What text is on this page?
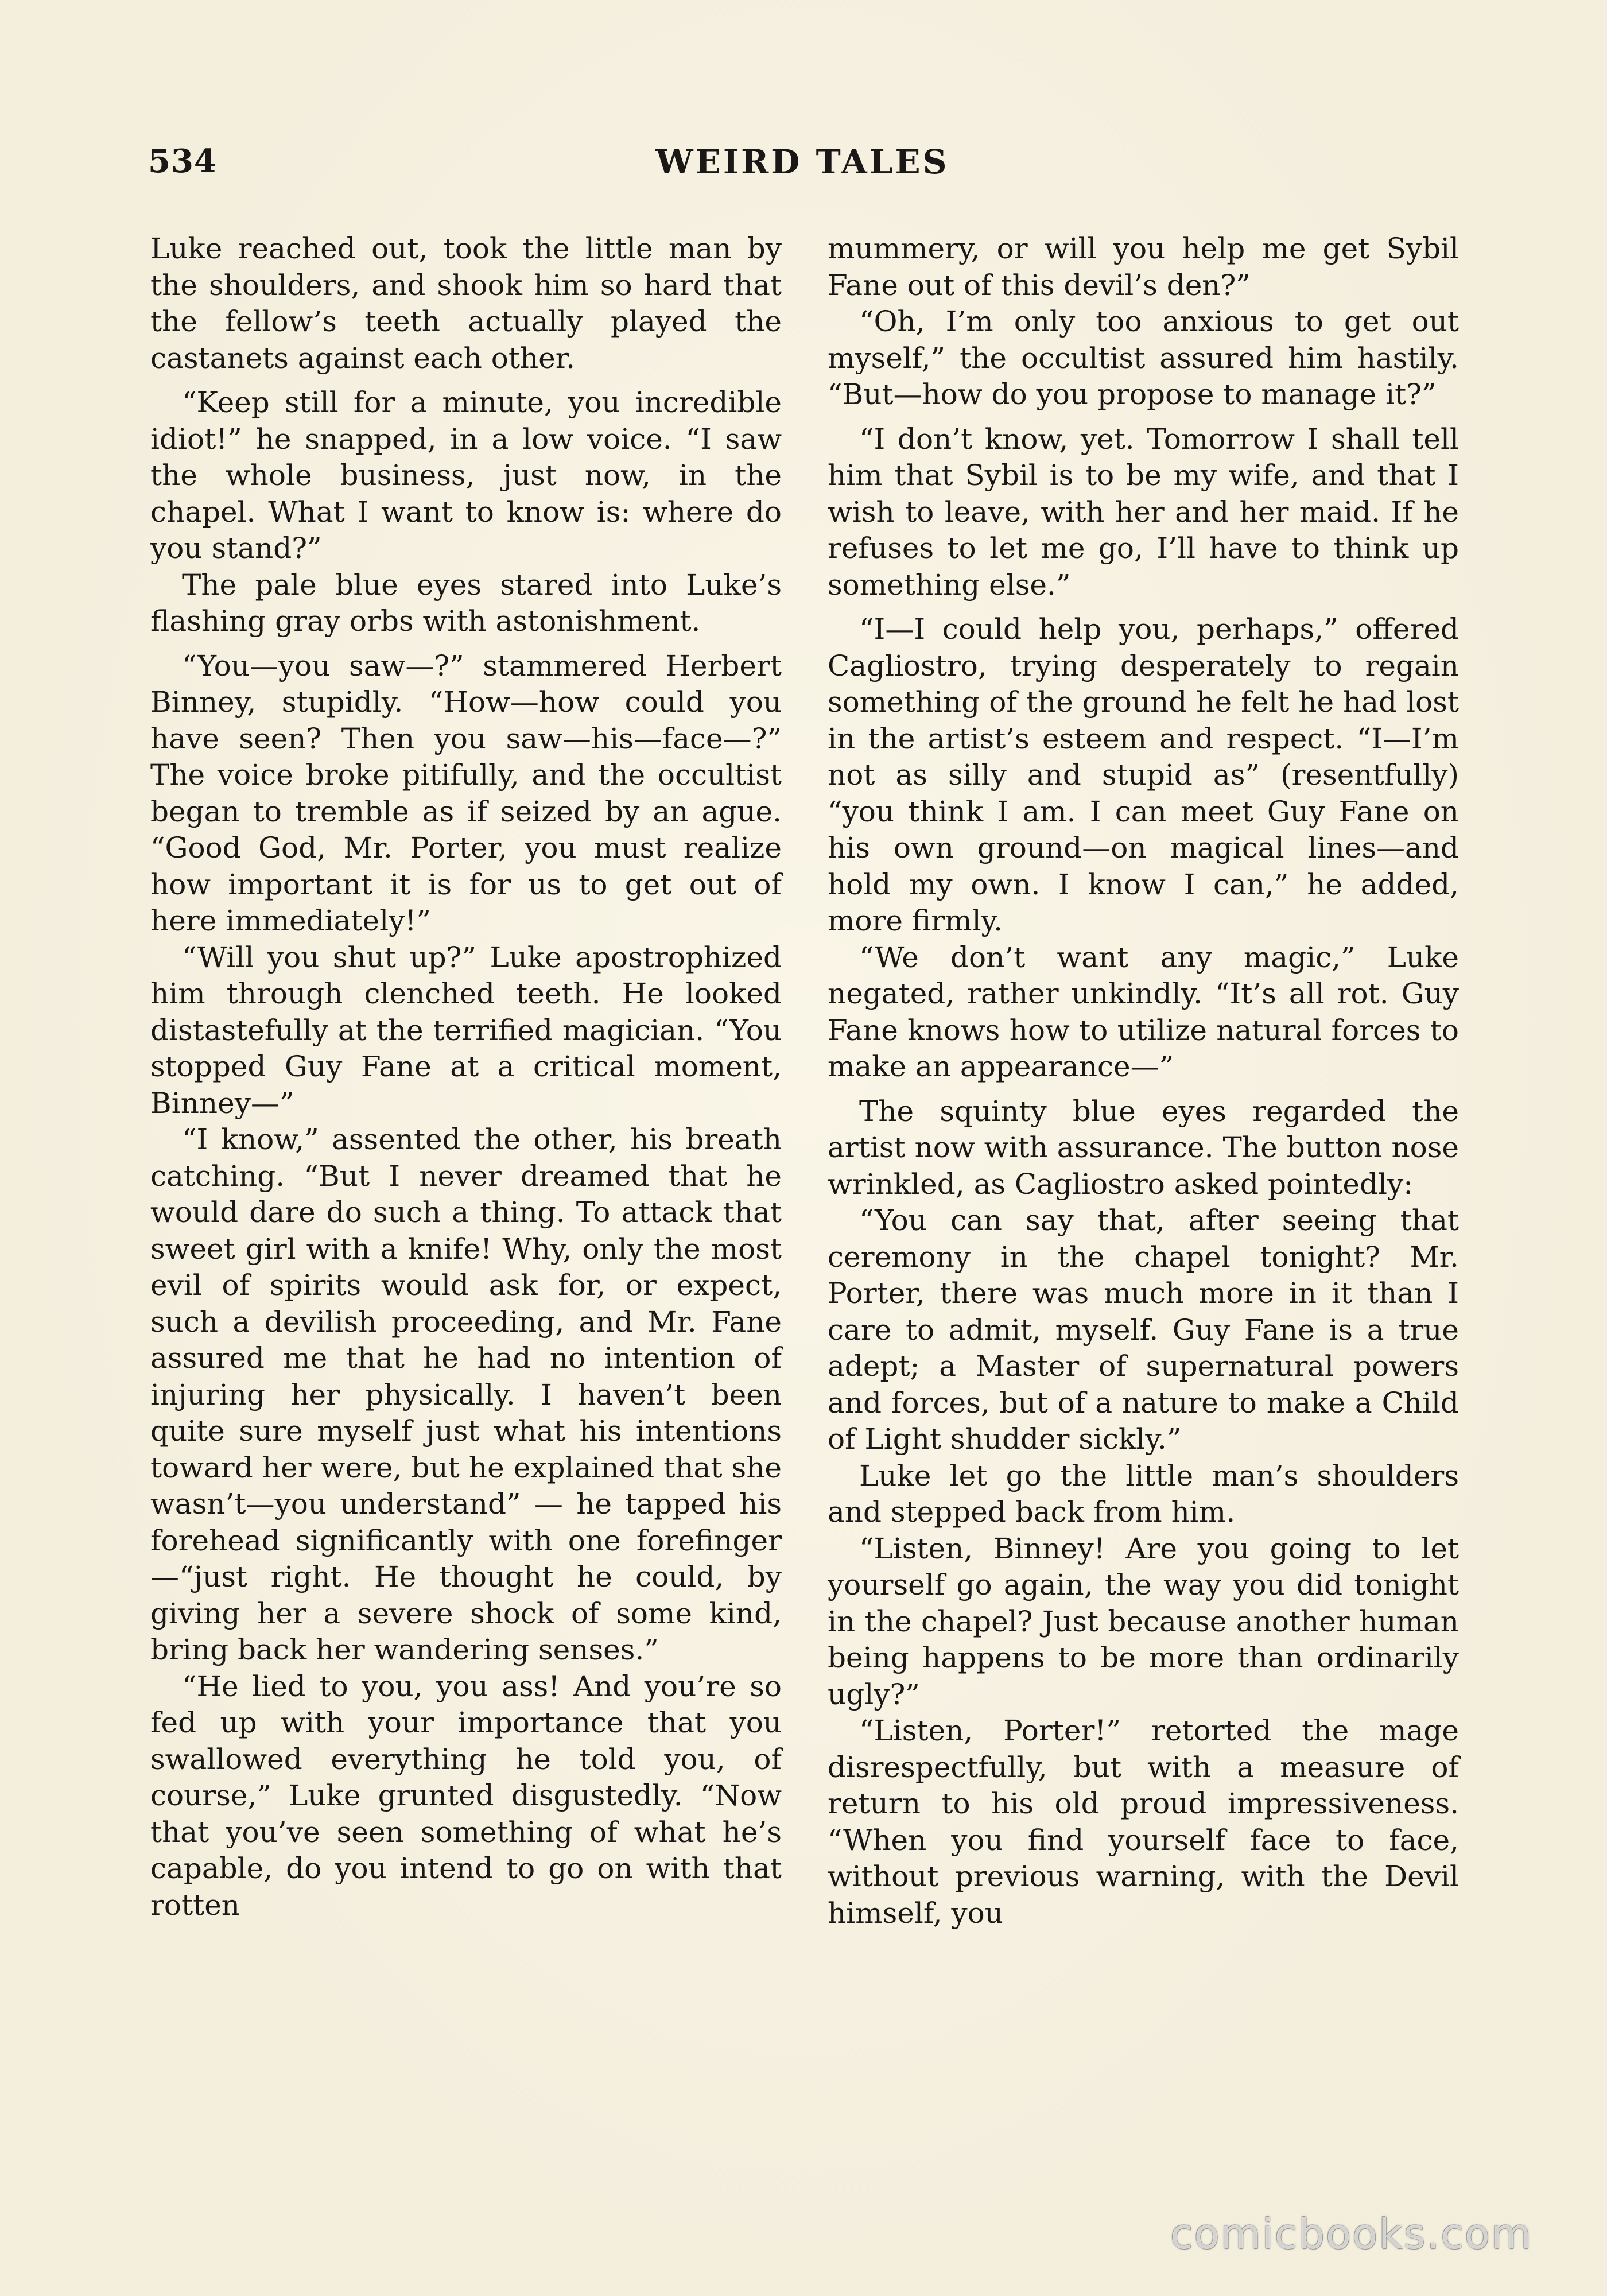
534	WEIRD TALES

Luke reached out, took the little man by the shoulders, and shook him so hard that the fellow’s teeth actually played the castanets against each other.

“Keep still for a minute, you incredible idiot!” he snapped, in a low voice. “I saw the whole business, just now, in the chapel. What I want to know is: where do you stand?”

The pale blue eyes stared into Luke’s flashing gray orbs with astonishment.

“You—you saw—?” stammered Herbert Binney, stupidly. “How—how could you have seen? Then you saw—his—face—?” The voice broke pitifully, and the occultist began to tremble as if seized by an ague. “Good God, Mr. Porter, you must realize how important it is for us to get out of here immediately!”

“Will you shut up?” Luke apostrophized him through clenched teeth. He looked distastefully at the terrified magician. “You stopped Guy Fane at a critical moment, Binney—”

“I know,” assented the other, his breath catching. “But I never dreamed that he would dare do such a thing. To attack that sweet girl with a knife! Why, only the most evil of spirits would ask for, or expect, such a devilish proceeding, and Mr. Fane assured me that he had no intention of injuring her physically. I haven’t been quite sure myself just what his intentions toward her were, but he explained that she wasn’t—you understand” — he tapped his forehead significantly with one forefinger—“just right. He thought he could, by giving her a severe shock of some kind, bring back her wandering senses.”

“He lied to you, you ass! And you’re so fed up with your importance that you swallowed everything he told you, of course,” Luke grunted disgustedly. “Now that you’ve seen something of what he’s capable, do you intend to go on with that rotten

mummery, or will you help me get Sybil Fane out of this devil’s den?”

“Oh, I’m only too anxious to get out myself,” the occultist assured him hastily. “But—how do you propose to manage it?”

“I don’t know, yet. Tomorrow I shall tell him that Sybil is to be my wife, and that I wish to leave, with her and her maid. If he refuses to let me go, I’ll have to think up something else.”

“I—I could help you, perhaps,” offered Cagliostro, trying desperately to regain something of the ground he felt he had lost in the artist’s esteem and respect. “I—I’m not as silly and stupid as” (resentfully) “you think I am. I can meet Guy Fane on his own ground—on magical lines—and hold my own. I know I can,” he added, more firmly.

“We don’t want any magic,” Luke negated, rather unkindly. “It’s all rot. Guy Fane knows how to utilize natural forces to make an appearance—”

The squinty blue eyes regarded the artist now with assurance. The button nose wrinkled, as Cagliostro asked pointedly:

“You can say that, after seeing that ceremony in the chapel tonight? Mr. Porter, there was much more in it than I care to admit, myself. Guy Fane is a true adept; a Master of supernatural powers and forces, but of a nature to make a Child of Light shudder sickly.”

Luke let go the little man’s shoulders and stepped back from him.

“Listen, Binney! Are you going to let yourself go again, the way you did tonight in the chapel? Just because another human being happens to be more than ordinarily ugly?”

“Listen, Porter!” retorted the mage disrespectfully, but with a measure of return to his old proud impressiveness. “When you find yourself face to face, without previous warning, with the Devil himself, you

comicbooks.com
